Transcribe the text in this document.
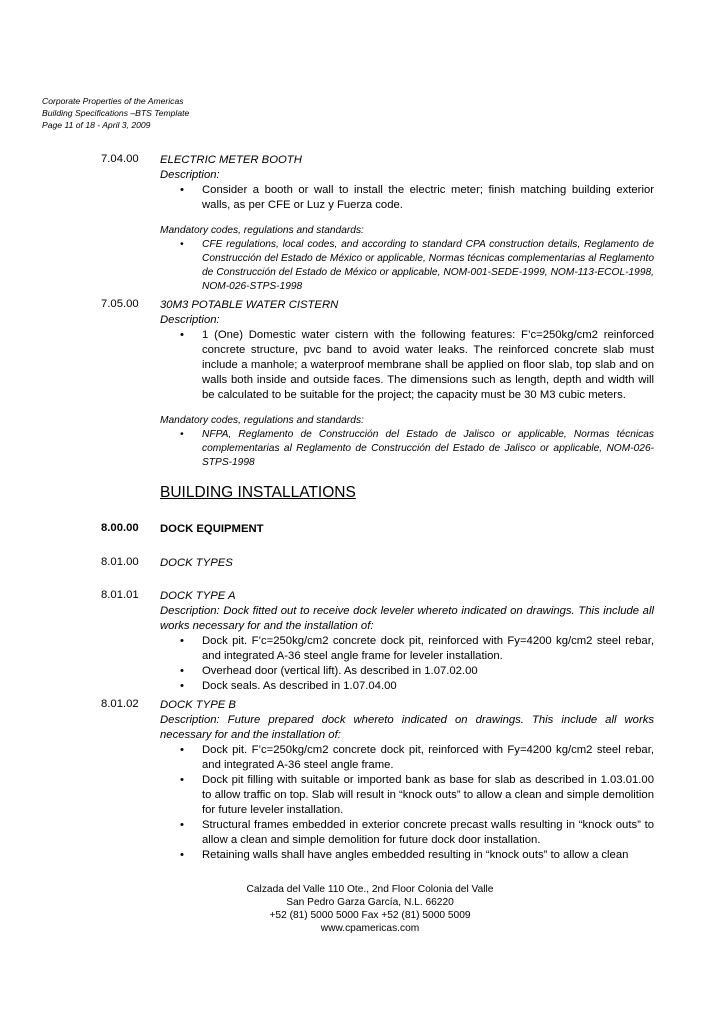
Corporate Properties of the Americas
Building Specifications –BTS Template
Page 11 of 18 - April 3, 2009
7.04.00 ELECTRIC METER BOOTH
Description:
• Consider a booth or wall to install the electric meter; finish matching building exterior walls, as per CFE or Luz y Fuerza code.
Mandatory codes, regulations and standards:
• CFE regulations, local codes, and according to standard CPA construction details, Reglamento de Construcción del Estado de México or applicable, Normas técnicas complementarias al Reglamento de Construcción del Estado de México or applicable, NOM-001-SEDE-1999, NOM-113-ECOL-1998, NOM-026-STPS-1998
7.05.00 30M3 POTABLE WATER CISTERN
Description:
• 1 (One) Domestic water cistern with the following features: F’c=250kg/cm2 reinforced concrete structure, pvc band to avoid water leaks. The reinforced concrete slab must include a manhole; a waterproof membrane shall be applied on floor slab, top slab and on walls both inside and outside faces. The dimensions such as length, depth and width will be calculated to be suitable for the project; the capacity must be 30 M3 cubic meters.
Mandatory codes, regulations and standards:
• NFPA, Reglamento de Construcción del Estado de Jalisco or applicable, Normas técnicas complementarias al Reglamento de Construcción del Estado de Jalisco or applicable, NOM-026-STPS-1998
BUILDING INSTALLATIONS
8.00.00 DOCK EQUIPMENT
8.01.00 DOCK TYPES
8.01.01 DOCK TYPE A
Description: Dock fitted out to receive dock leveler whereto indicated on drawings. This include all works necessary for and the installation of:
• Dock pit. F’c=250kg/cm2 concrete dock pit, reinforced with Fy=4200 kg/cm2 steel rebar, and integrated A-36 steel angle frame for leveler installation.
• Overhead door (vertical lift). As described in 1.07.02.00
• Dock seals. As described in 1.07.04.00
8.01.02 DOCK TYPE B
Description: Future prepared dock whereto indicated on drawings. This include all works necessary for and the installation of:
• Dock pit. F’c=250kg/cm2 concrete dock pit, reinforced with Fy=4200 kg/cm2 steel rebar, and integrated A-36 steel angle frame.
• Dock pit filling with suitable or imported bank as base for slab as described in 1.03.01.00 to allow traffic on top. Slab will result in “knock outs” to allow a clean and simple demolition for future leveler installation.
• Structural frames embedded in exterior concrete precast walls resulting in “knock outs” to allow a clean and simple demolition for future dock door installation.
• Retaining walls shall have angles embedded resulting in “knock outs” to allow a clean
Calzada del Valle 110 Ote., 2nd Floor Colonia del Valle
San Pedro Garza García, N.L. 66220
+52 (81) 5000 5000 Fax +52 (81) 5000 5009
www.cpamericas.com
